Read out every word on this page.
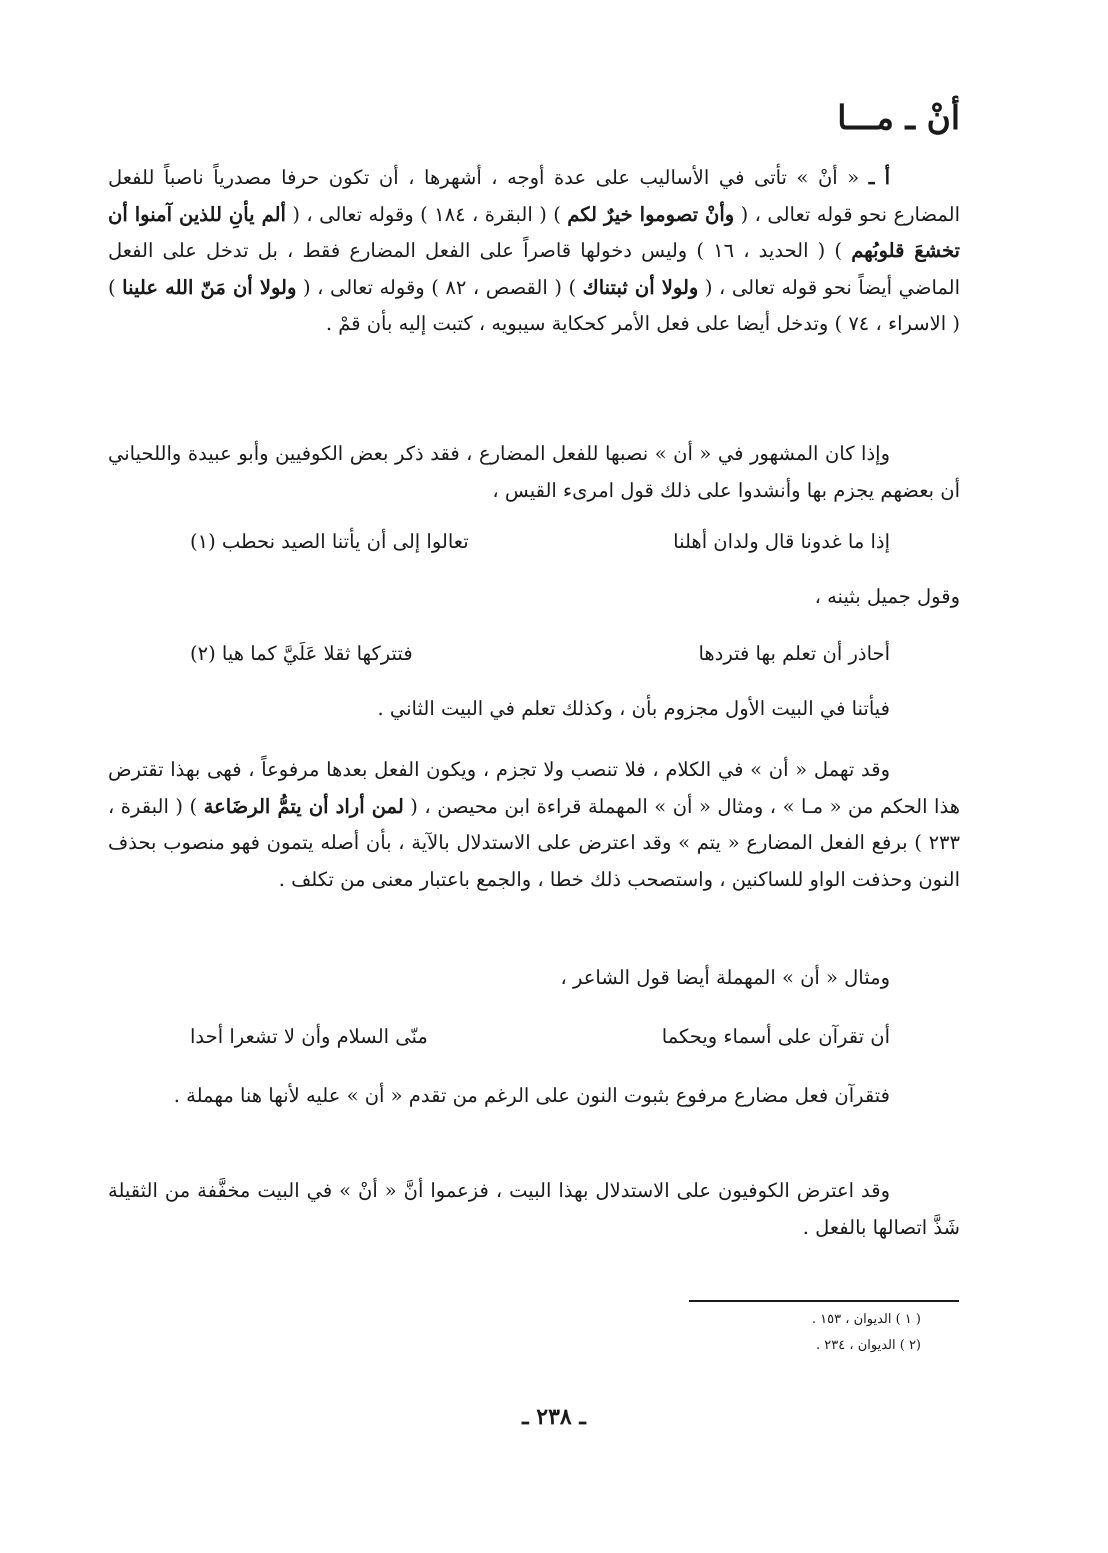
أنْ ـ مـــا

أ ـ « أنْ » تأتى في الأساليب على عدة أوجه ، أشهرها ، أن تكون حرفا مصدرياً ناصباً للفعل المضارع نحو قوله تعالى ، ( وأنْ تصوموا خيرٌ لكم ) ( البقرة ، ١٨٤ ) وقوله تعالى ، ( ألم يأنِ للذين آمنوا أن تخشعَ قلوبُهم ) ( الحديد ، ١٦ ) وليس دخولها قاصراً على الفعل المضارع فقط ، بل تدخل على الفعل الماضي أيضاً نحو قوله تعالى ، ( ولولا أن ثبتناك ) ( القصص ، ٨٢ ) وقوله تعالى ، ( ولولا أن مَنّ الله علينا ) ( الاسراء ، ٧٤ ) وتدخل أيضا على فعل الأمر كحكاية سيبويه ، كتبت إليه بأن قمْ .

وإذا كان المشهور في « أن » نصبها للفعل المضارع ، فقد ذكر بعض الكوفيين وأبو عبيدة واللحياني أن بعضهم يجزم بها وأنشدوا على ذلك قول امرىء القيس ،

إذا ما غدونا قال ولدان أهلنا
تعالوا إلى أن يأتنا الصيد نحطب (١)
وقول جميل بثينه ،
أحاذر أن تعلم بها فتردها
فتتركها ثقلا عَلَيَّ كما هيا (٢)
فيأتنا في البيت الأول مجزوم بأن ، وكذلك تعلم في البيت الثاني .

وقد تهمل « أن » في الكلام ، فلا تنصب ولا تجزم ، ويكون الفعل بعدها مرفوعاً ، فهى بهذا تقترض هذا الحكم من « مـا » ، ومثال « أن » المهملة قراءة ابن محيصن ، ( لمن أراد أن يتمُّ الرضَاعة ) ( البقرة ، ٢٣٣ ) برفع الفعل المضارع « يتم » وقد اعترض على الاستدلال بالآية ، بأن أصله يتمون فهو منصوب بحذف النون وحذفت الواو للساكنين ، واستصحب ذلك خطا ، والجمع باعتبار معنى من تكلف .

ومثال « أن » المهملة أيضا قول الشاعر ،
أن تقرآن على أسماء ويحكما
منّى السلام وأن لا تشعرا أحدا

فتقرآن فعل مضارع مرفوع بثبوت النون على الرغم من تقدم « أن » عليه لأنها هنا مهملة .

وقد اعترض الكوفيون على الاستدلال بهذا البيت ، فزعموا أنَّ « أنْ » في البيت مخفَّفة من الثقيلة شَذَّ اتصالها بالفعل .

( ١ ) الديوان ، ١٥٣ .
(٢ ) الديوان ، ٢٣٤ .
ـ ٢٣٨ ـ
